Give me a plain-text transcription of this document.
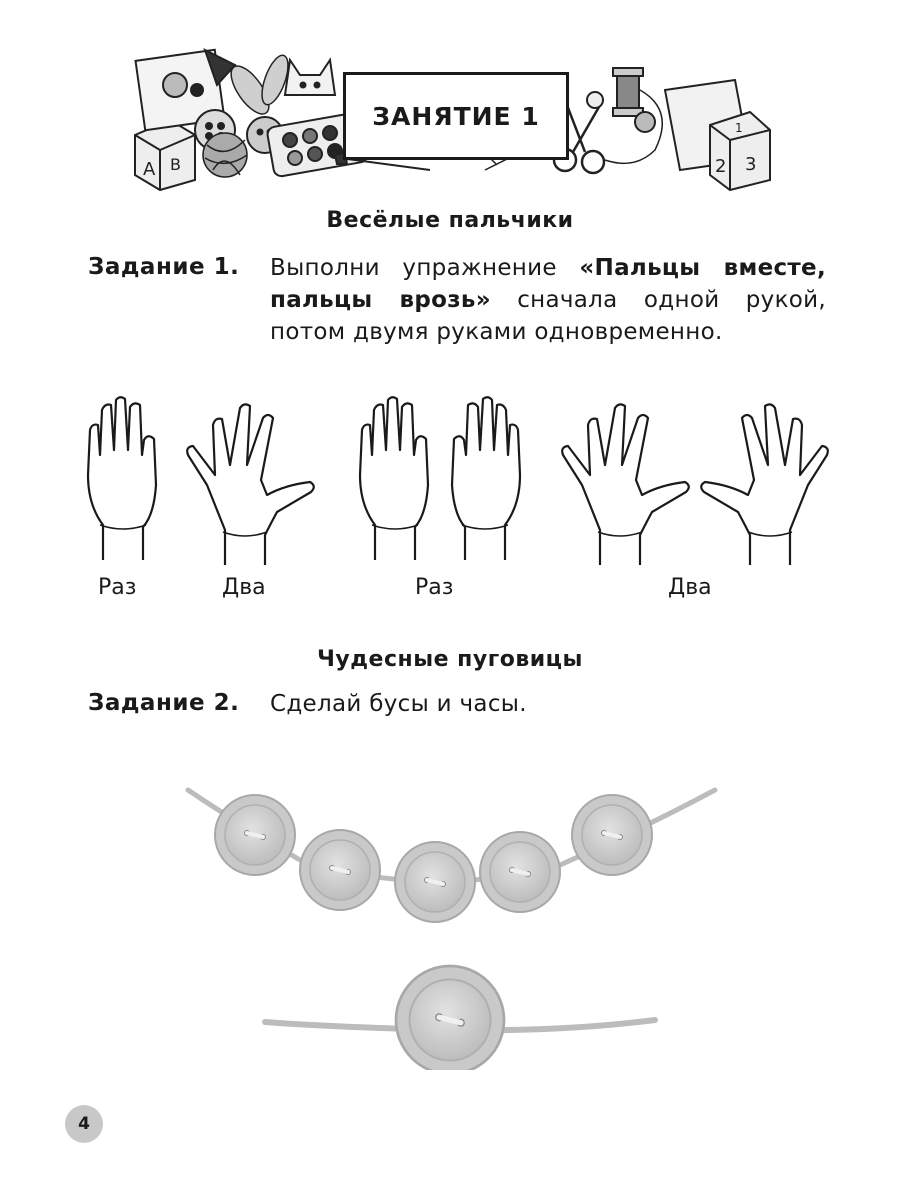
A B	2 3
1
ЗАНЯТИЕ 1
Весёлые пальчики
Задание 1. Выполни упражнение «Пальцы вместе, пальцы врозь» сначала одной рукой, потом двумя руками одновременно.
Раз	Два	Раз	Два
Чудесные пуговицы
Задание 2. Сделай бусы и часы.
4
